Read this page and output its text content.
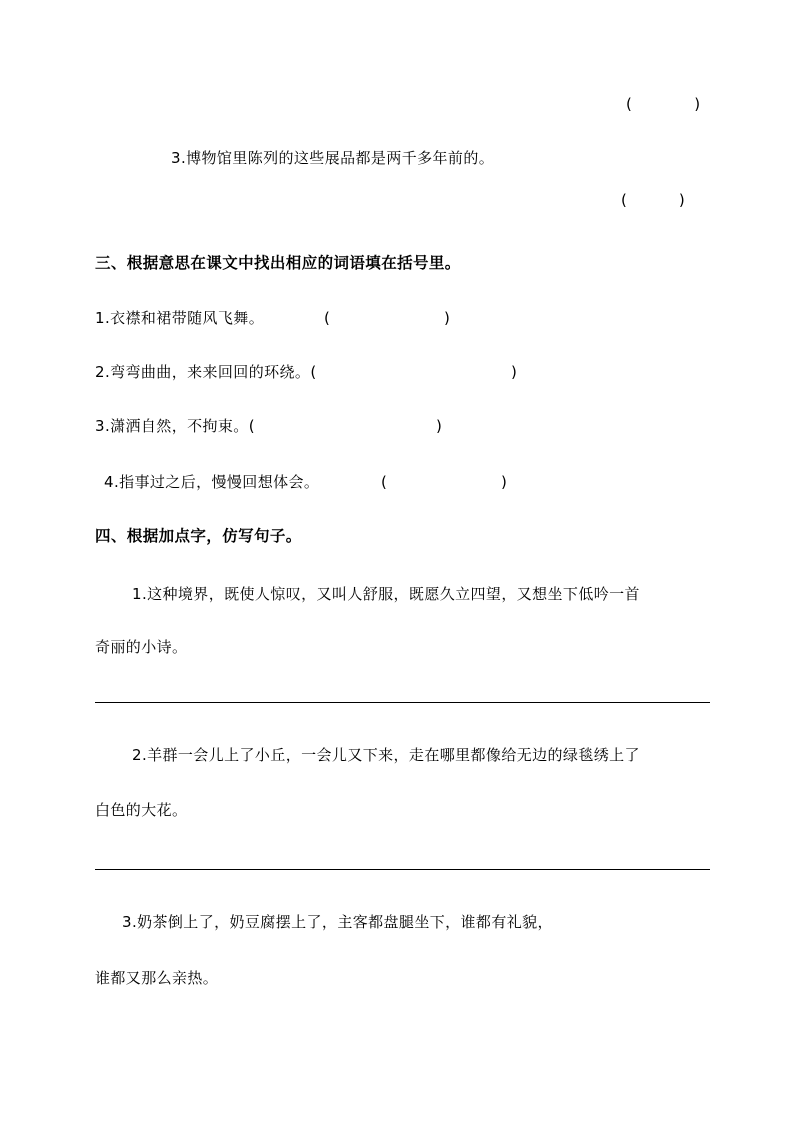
(            )
3.博物馆里陈列的这些展品都是两千多年前的。
(          )
三、根据意思在课文中找出相应的词语填在括号里。
1.衣襟和裙带随风飞舞。	(                      )
2.弯弯曲曲，来来回回的环绕。(	)
3.潇洒自然，不拘束。(	)
4.指事过之后，慢慢回想体会。	(                      )
四、根据加点字，仿写句子。
1.这种境界，既使人惊叹，又叫人舒服，既愿久立四望，又想坐下低吟一首
奇丽的小诗。
2.羊群一会儿上了小丘，一会儿又下来，走在哪里都像给无边的绿毯绣上了
白色的大花。
3.奶茶倒上了，奶豆腐摆上了，主客都盘腿坐下，谁都有礼貌，
谁都又那么亲热。
